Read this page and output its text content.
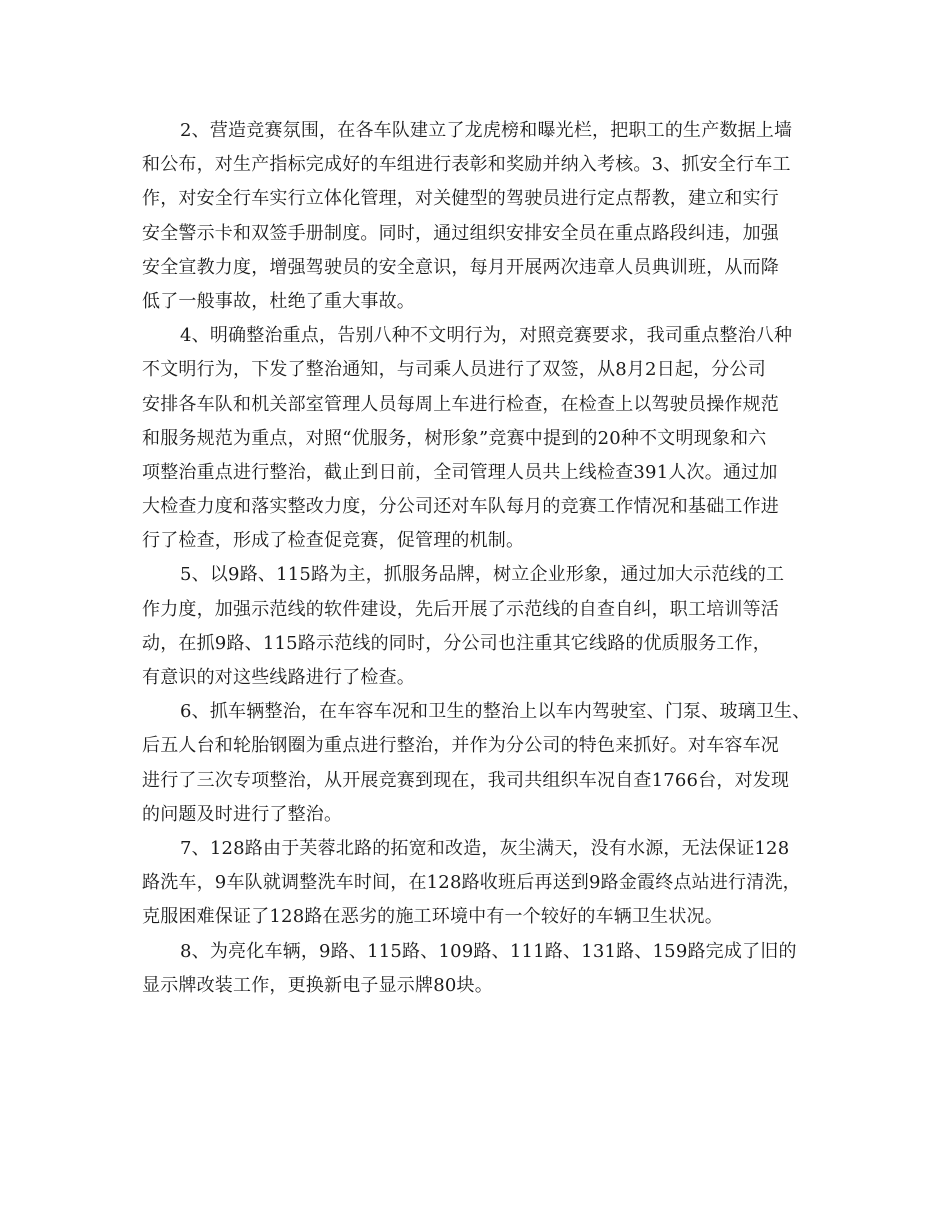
2、营造竞赛氛围，在各车队建立了龙虎榜和曝光栏，把职工的生产数据上墙
和公布，对生产指标完成好的车组进行表彰和奖励并纳入考核。3、抓安全行车工
作，对安全行车实行立体化管理，对关健型的驾驶员进行定点帮教，建立和实行
安全警示卡和双签手册制度。同时，通过组织安排安全员在重点路段纠违，加强
安全宣教力度，增强驾驶员的安全意识，每月开展两次违章人员典训班，从而降
低了一般事故，杜绝了重大事故。
4、明确整治重点，告别八种不文明行为，对照竞赛要求，我司重点整治八种
不文明行为，下发了整治通知，与司乘人员进行了双签，从8月2日起，分公司
安排各车队和机关部室管理人员每周上车进行检查，在检查上以驾驶员操作规范
和服务规范为重点，对照“优服务，树形象”竞赛中提到的20种不文明现象和六
项整治重点进行整治，截止到日前，全司管理人员共上线检查391人次。通过加
大检查力度和落实整改力度，分公司还对车队每月的竞赛工作情况和基础工作进
行了检查，形成了检查促竞赛，促管理的机制。
5、以9路、115路为主，抓服务品牌，树立企业形象，通过加大示范线的工
作力度，加强示范线的软件建设，先后开展了示范线的自查自纠，职工培训等活
动，在抓9路、115路示范线的同时，分公司也注重其它线路的优质服务工作，
有意识的对这些线路进行了检查。
6、抓车辆整治，在车容车况和卫生的整治上以车内驾驶室、门泵、玻璃卫生、
后五人台和轮胎钢圈为重点进行整治，并作为分公司的特色来抓好。对车容车况
进行了三次专项整治，从开展竞赛到现在，我司共组织车况自查1766台，对发现
的问题及时进行了整治。
7、128路由于芙蓉北路的拓宽和改造，灰尘满天，没有水源，无法保证128
路洗车，9车队就调整洗车时间，在128路收班后再送到9路金霞终点站进行清洗，
克服困难保证了128路在恶劣的施工环境中有一个较好的车辆卫生状况。
8、为亮化车辆，9路、115路、109路、111路、131路、159路完成了旧的
显示牌改装工作，更换新电子显示牌80块。
